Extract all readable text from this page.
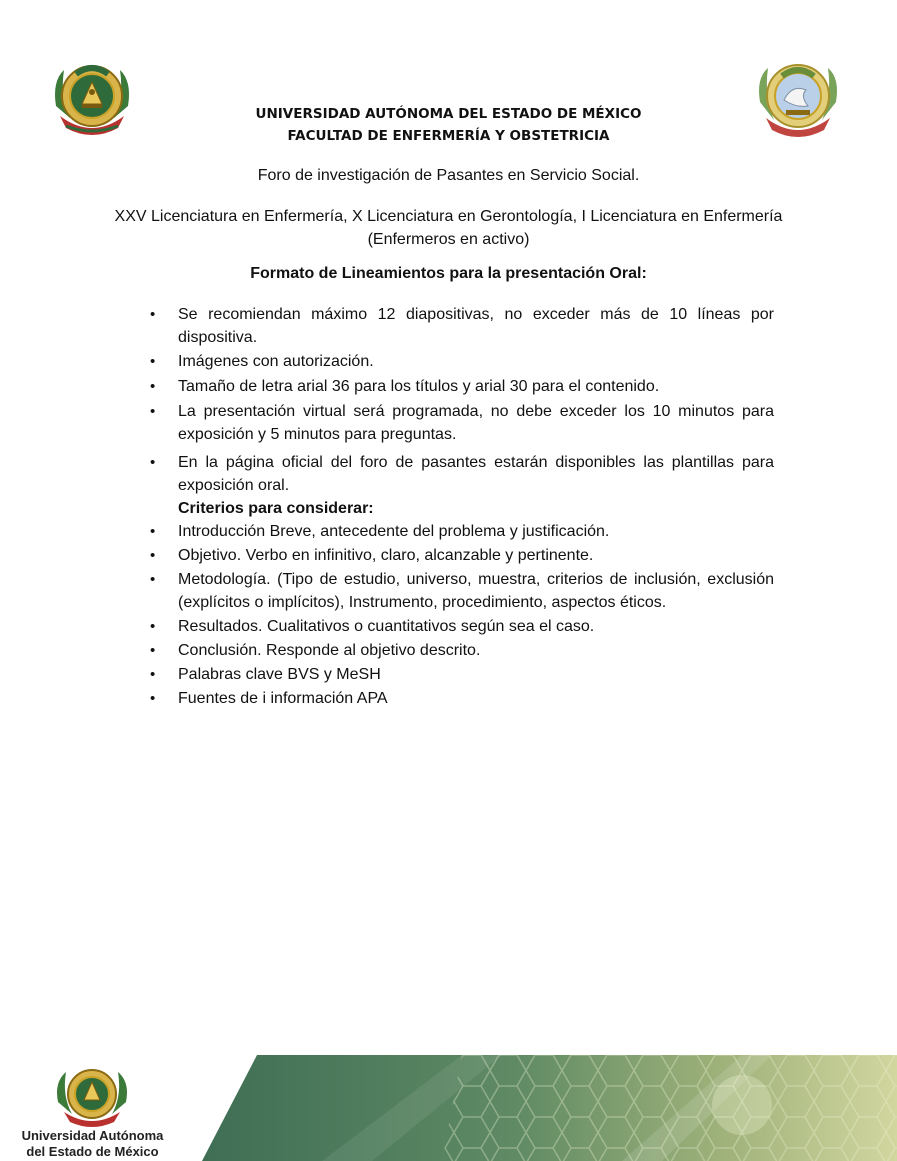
UNIVERSIDAD AUTÓNOMA DEL ESTADO DE MÉXICO
FACULTAD DE ENFERMERÍA Y OBSTETRICIA
Foro de investigación de Pasantes en Servicio Social.
XXV Licenciatura en Enfermería, X Licenciatura en Gerontología, I Licenciatura en Enfermería (Enfermeros en activo)
Formato de Lineamientos para la presentación Oral:
• Se recomiendan máximo 12 diapositivas, no exceder más de 10 líneas por dispositiva.
• Imágenes con autorización.
• Tamaño de letra arial 36 para los títulos y arial 30 para el contenido.
• La presentación virtual será programada, no debe exceder los 10 minutos para exposición y 5 minutos para preguntas.
• En la página oficial del foro de pasantes estarán disponibles las plantillas para exposición oral.
Criterios para considerar:
• Introducción Breve, antecedente del problema y justificación.
• Objetivo. Verbo en infinitivo, claro, alcanzable y pertinente.
• Metodología. (Tipo de estudio, universo, muestra, criterios de inclusión, exclusión (explícitos o implícitos), Instrumento, procedimiento, aspectos éticos.
• Resultados. Cualitativos o cuantitativos según sea el caso.
• Conclusión. Responde al objetivo descrito.
• Palabras clave BVS y MeSH
• Fuentes de i información APA
Universidad Autónoma
del Estado de México
